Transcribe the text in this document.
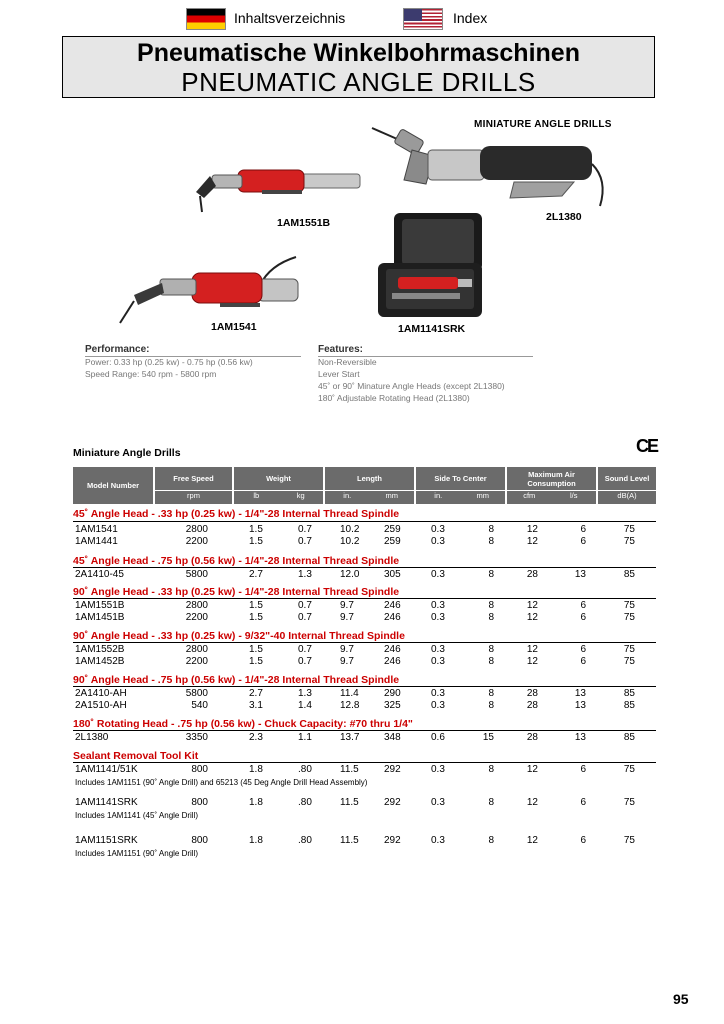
Inhaltsverzeichnis	Index
Pneumatische Winkelbohrmaschinen
PNEUMATIC ANGLE DRILLS
MINIATURE ANGLE DRILLS
1AM1551B	2L1380
1AM1541	1AM1141SRK
Performance:
Power: 0.33 hp (0.25 kw) - 0.75 hp (0.56 kw)
Speed Range: 540 rpm - 5800 rpm
Features:
Non-Reversible
Lever Start
45˚ or 90˚ Minature Angle Heads (except 2L1380)
180˚ Adjustable Rotating Head (2L1380)
CE
Miniature Angle Drills
Model Number
Free Speed
rpm
Weight
lb	kg
Length
in.	mm
Side To Center
in.	mm
Maximum Air Consumption
cfm	l/s
Sound Level
dB(A)
45˚ Angle Head - .33 hp (0.25 kw) - 1/4"-28 Internal Thread Spindle
1AM1541	2800	1.5	0.7	10.2 259	0.3	8	12	6	75
1AM1441	2200	1.5	0.7	10.2 259	0.3	8	12	6	75
45˚ Angle Head - .75 hp (0.56 kw) - 1/4"-28 Internal Thread Spindle
2A1410-45	5800	2.7	1.3	12.0 305	0.3	8	28	13	85
90˚ Angle Head - .33 hp (0.25 kw) - 1/4"-28 Internal Thread Spindle
1AM1551B	2800	1.5	0.7	9.7	246	0.3	8	12	6	75
1AM1451B	2200	1.5	0.7	9.7	246	0.3	8	12	6	75
90˚ Angle Head - .33 hp (0.25 kw) - 9/32"-40 Internal Thread Spindle
1AM1552B	2800	1.5	0.7	9.7	246	0.3	8	12	6	75
1AM1452B	2200	1.5	0.7	9.7	246	0.3	8	12	6	75
90˚ Angle Head - .75 hp (0.56 kw) - 1/4"-28 Internal Thread Spindle
2A1410-AH	5800	2.7	1.3	11.4	290	0.3	8	28	13	85
2A1510-AH	540	3.1	1.4	12.8 325	0.3	8	28	13	85
180˚ Rotating Head - .75 hp (0.56 kw) - Chuck Capacity: #70 thru 1/4"
2L1380	3350	2.3	1.1	13.7 348	0.6	15	28	13	85
Sealant Removal Tool Kit
1AM1141/51K	800	1.8	.80	11.5	292	0.3	8	12	6	75
Includes 1AM1151 (90˚ Angle Drill) and 65213 (45 Deg Angle Drill Head Assembly)
1AM1141SRK	800	1.8	.80	11.5	292	0.3	8	12	6	75
Includes 1AM1141 (45˚ Angle Drill)
1AM1151SRK	800	1.8	.80	11.5	292	0.3	8	12	6	75
Includes 1AM1151 (90˚ Angle Drill)
95
